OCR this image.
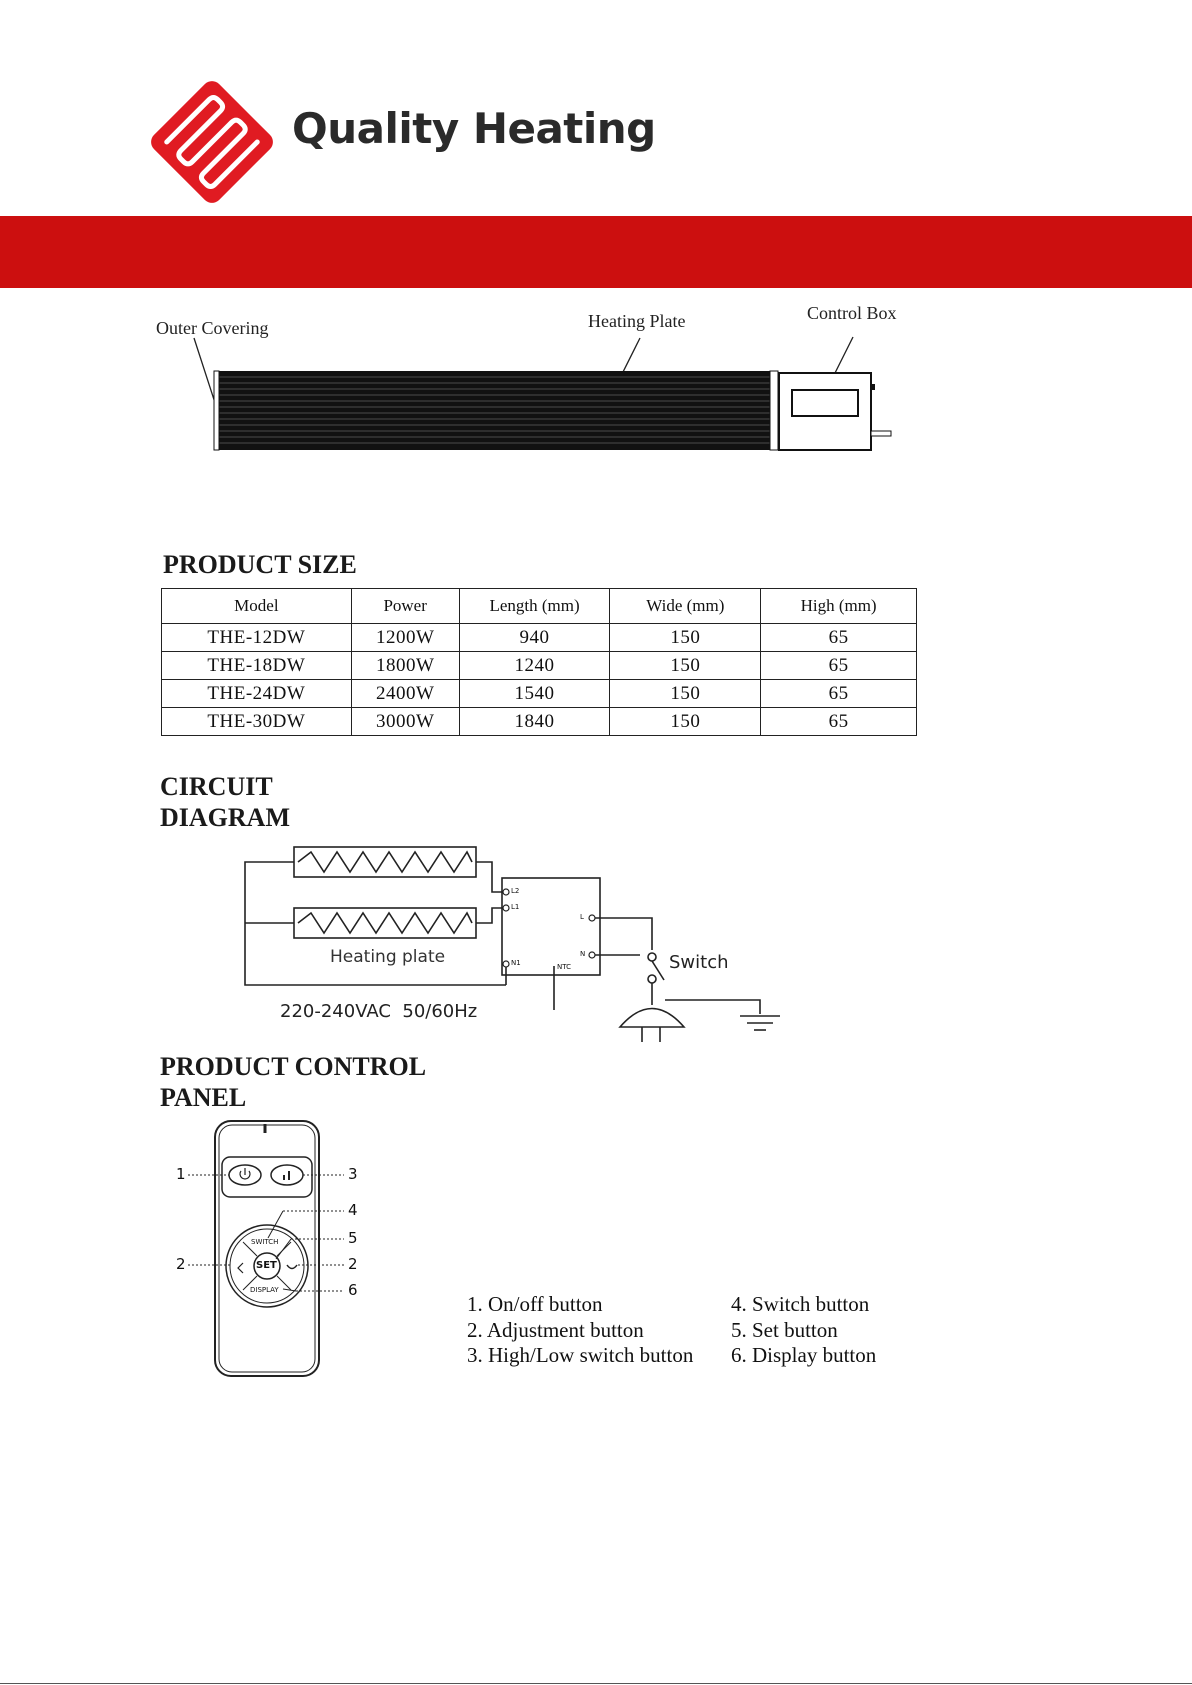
Quality Heating
Outer Covering	Heating Plate	Control Box
PRODUCT SIZE
Model	Power	Length (mm)	Wide (mm)	High (mm)
THE-12DW	1200W	940	150	65
THE-18DW	1800W	1240	150	65
THE-24DW	2400W	1540	150	65
THE-30DW	3000W	1840	150	65
CIRCUIT
DIAGRAM
L2
L1
N1	NTC
L
N
Heating plate	Switch
220-240VAC  50/60Hz
PRODUCT CONTROL
PANEL
SWITCH
SET
DISPLAY
1	3
4
5
2	2
6
1. On/off button	4. Switch button
2. Adjustment button	5. Set button
3. High/Low switch button 6. Display button
